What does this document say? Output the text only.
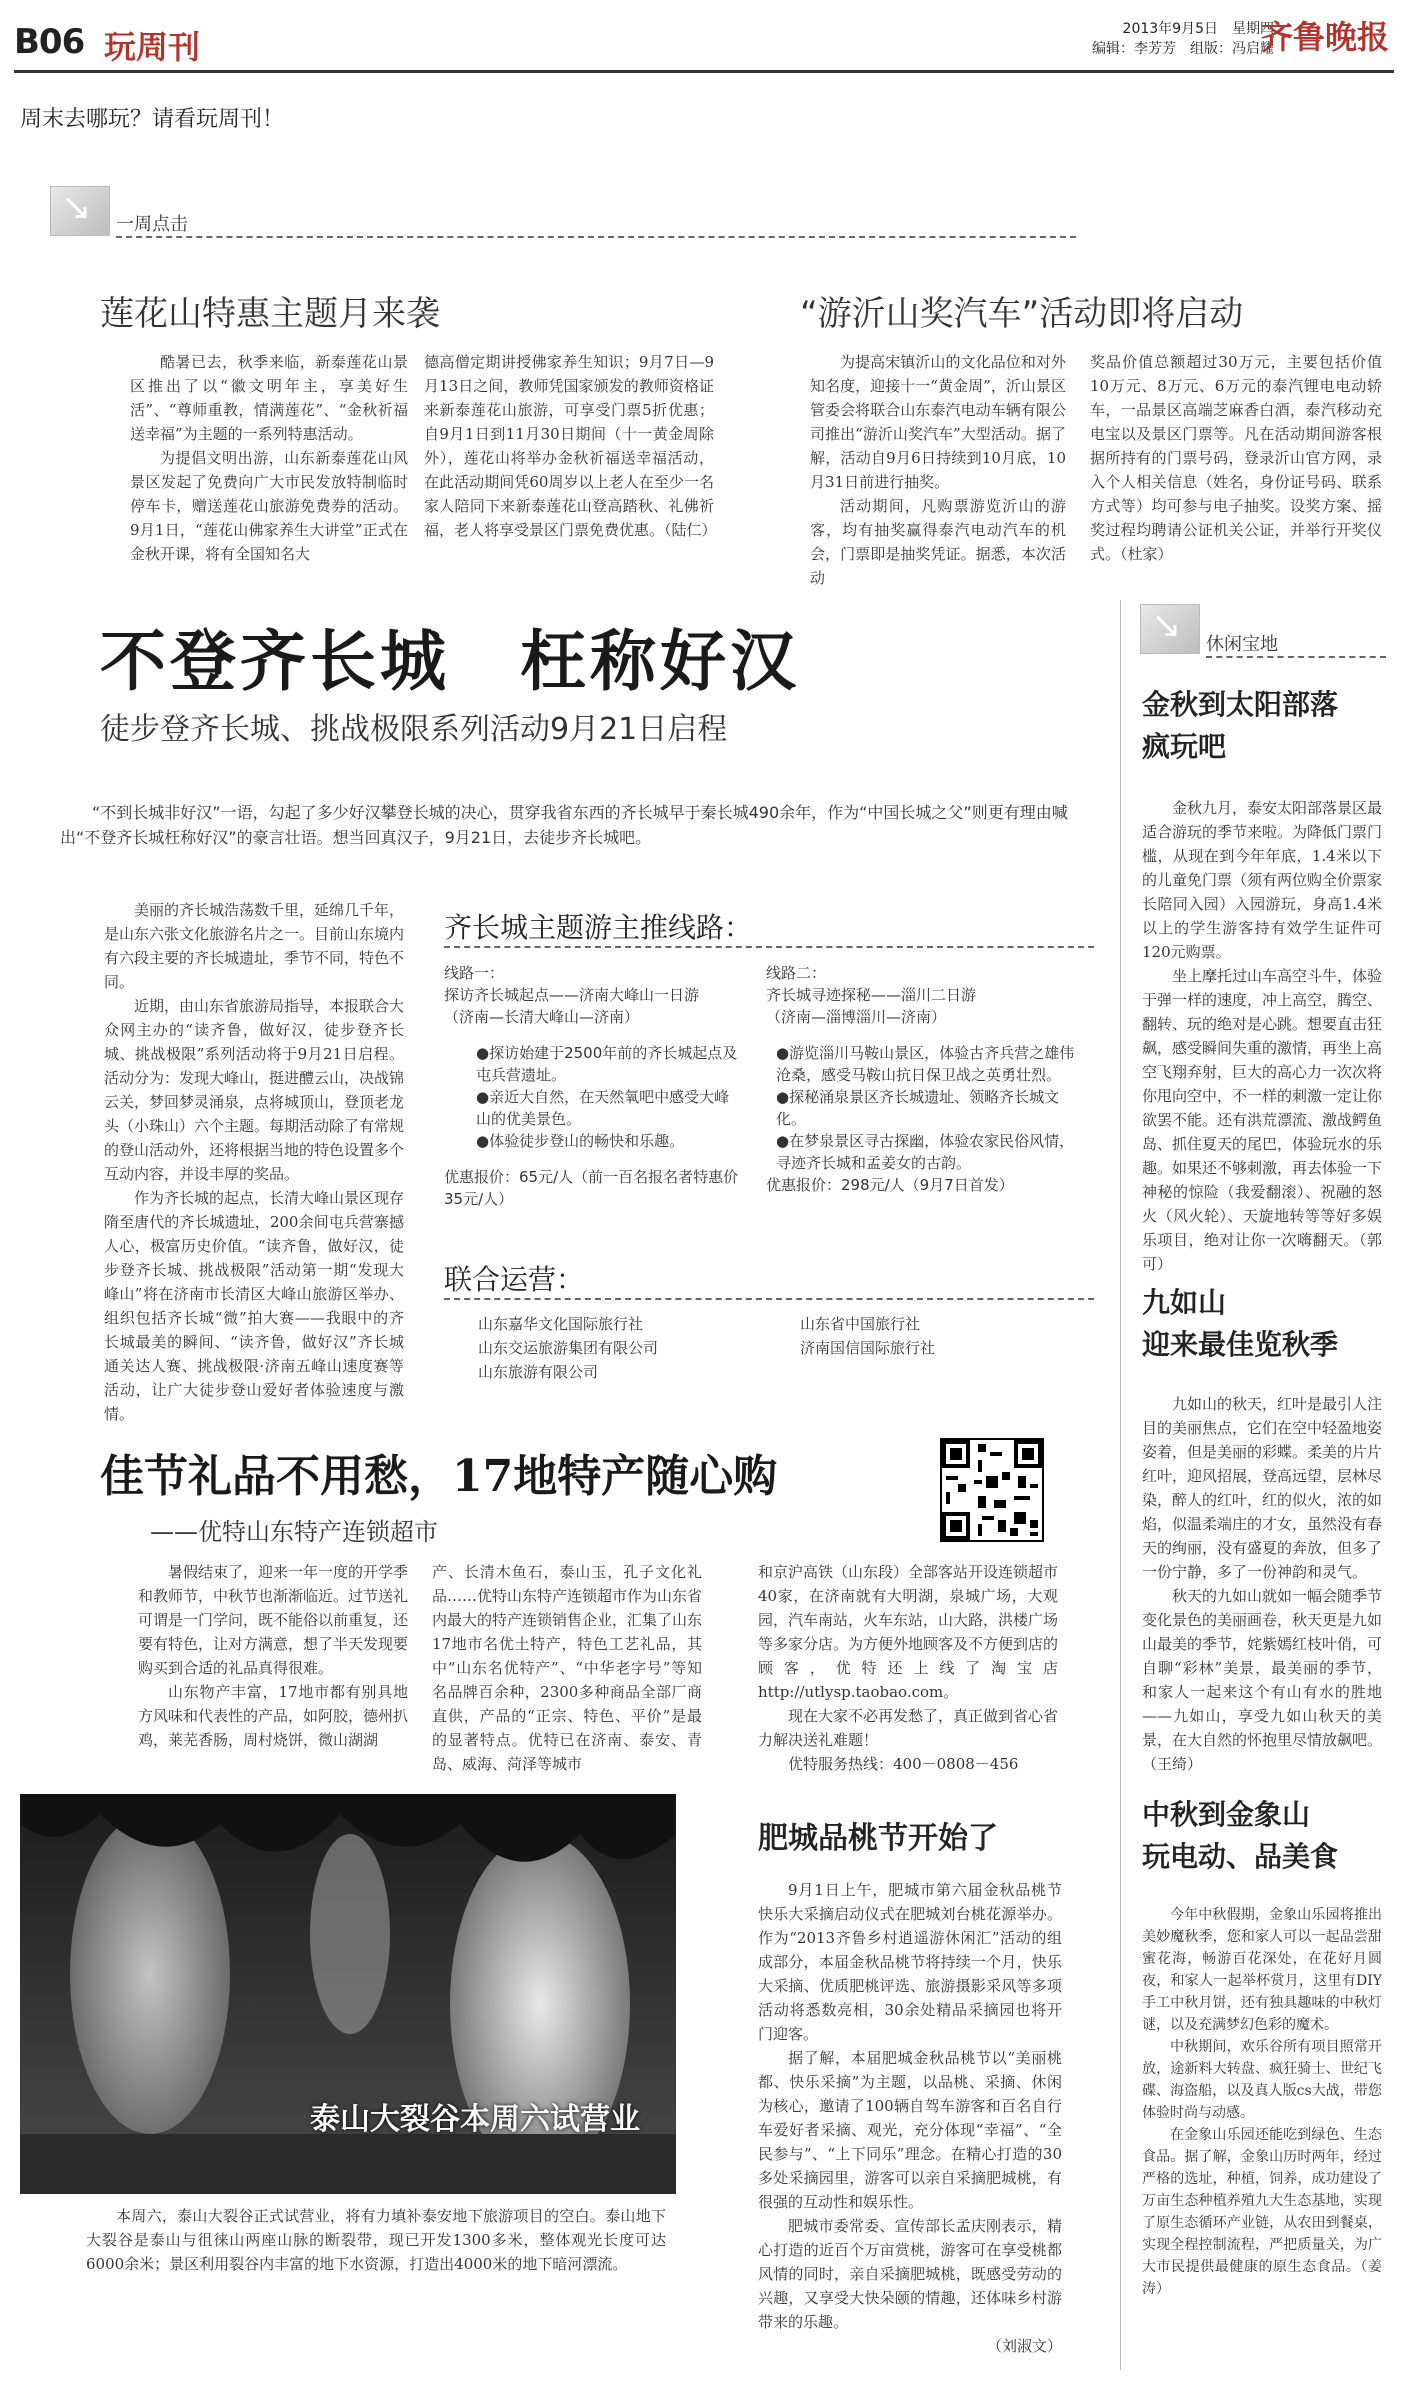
B06 玩周刊	2013年9月5日　星期四
编辑：李芳芳　组版：冯启耀
齐鲁晚报
周末去哪玩？请看玩周刊！
↘
一周点击
莲花山特惠主题月来袭

酷暑已去，秋季来临，新泰莲花山景区推出了以“徽文明年主，享美好生活”、“尊师重教，情满莲花”、“金秋祈福送幸福”为主题的一系列特惠活动。

为提倡文明出游，山东新泰莲花山风景区发起了免费向广大市民发放特制临时停车卡，赠送莲花山旅游免费券的活动。9月1日，“莲花山佛家养生大讲堂”正式在金秋开课，将有全国知名大

德高僧定期讲授佛家养生知识；9月7日—9月13日之间，教师凭国家颁发的教师资格证来新泰莲花山旅游，可享受门票5折优惠；自9月1日到11月30日期间（十一黄金周除外），莲花山将举办金秋祈福送幸福活动，在此活动期间凭60周岁以上老人在至少一名家人陪同下来新泰莲花山登高踏秋、礼佛祈福，老人将享受景区门票免费优惠。（陆仁）

“游沂山奖汽车”活动即将启动

为提高宋镇沂山的文化品位和对外知名度，迎接十一“黄金周”，沂山景区管委会将联合山东泰汽电动车辆有限公司推出“游沂山奖汽车”大型活动。据了解，活动自9月6日持续到10月底，10月31日前进行抽奖。

活动期间，凡购票游览沂山的游客，均有抽奖赢得泰汽电动汽车的机会，门票即是抽奖凭证。据悉，本次活动

奖品价值总额超过30万元，主要包括价值10万元、8万元、6万元的泰汽锂电电动轿车，一品景区高端芝麻香白酒，泰汽移动充电宝以及景区门票等。凡在活动期间游客根据所持有的门票号码，登录沂山官方网，录入个人相关信息（姓名，身份证号码、联系方式等）均可参与电子抽奖。设奖方案、摇奖过程均聘请公证机关公证，并举行开奖仪式。（杜家）

不登齐长城　枉称好汉
徒步登齐长城、挑战极限系列活动9月21日启程
“不到长城非好汉”一语，勾起了多少好汉攀登长城的决心，贯穿我省东西的齐长城早于秦长城490余年，作为“中国长城之父”则更有理由喊出“不登齐长城枉称好汉”的豪言壮语。想当回真汉子，9月21日，去徒步齐长城吧。

美丽的齐长城浩荡数千里，延绵几千年，是山东六张文化旅游名片之一。目前山东境内有六段主要的齐长城遗址，季节不同，特色不同。

近期，由山东省旅游局指导，本报联合大众网主办的“读齐鲁，做好汉，徒步登齐长城、挑战极限”系列活动将于9月21日启程。活动分为：发现大峰山，挺进醴云山，决战锦云关，梦回梦灵涌泉，点将城顶山，登顶老龙头（小珠山）六个主题。每期活动除了有常规的登山活动外，还将根据当地的特色设置多个互动内容，并设丰厚的奖品。

作为齐长城的起点，长清大峰山景区现存隋至唐代的齐长城遗址，200余间屯兵营寨撼人心，极富历史价值。“读齐鲁，做好汉，徒步登齐长城、挑战极限”活动第一期“发现大峰山”将在济南市长清区大峰山旅游区举办、组织包括齐长城“微”拍大赛——我眼中的齐长城最美的瞬间、“读齐鲁，做好汉”齐长城通关达人赛、挑战极限·济南五峰山速度赛等活动，让广大徒步登山爱好者体验速度与激情。

齐长城主题游主推线路：
线路一：
探访齐长城起点——济南大峰山一日游
（济南—长清大峰山—济南）
●探访始建于2500年前的齐长城起点及屯兵营遗址。
●亲近大自然，在天然氧吧中感受大峰山的优美景色。
●体验徒步登山的畅快和乐趣。
优惠报价：65元/人（前一百名报名者特惠价　35元/人）
线路二：
齐长城寻迹探秘——淄川二日游
（济南—淄博淄川—济南）
●游览淄川马鞍山景区，体验古齐兵营之雄伟沧桑，感受马鞍山抗日保卫战之英勇壮烈。
●探秘涌泉景区齐长城遗址、领略齐长城文化。
●在梦泉景区寻古探幽，体验农家民俗风情，寻迹齐长城和孟姜女的古韵。
优惠报价：298元/人（9月7日首发）
联合运营：
山东嘉华文化国际旅行社
山东交运旅游集团有限公司
山东旅游有限公司
山东省中国旅行社
济南国信国际旅行社
佳节礼品不用愁，17地特产随心购
——优特山东特产连锁超市

暑假结束了，迎来一年一度的开学季和教师节，中秋节也渐渐临近。过节送礼可谓是一门学问，既不能俗以前重复，还要有特色，让对方满意，想了半天发现要购买到合适的礼品真得很难。

山东物产丰富，17地市都有别具地方风味和代表性的产品，如阿胶，德州扒鸡，莱芜香肠，周村烧饼，微山湖湖

产、长清木鱼石，泰山玉，孔子文化礼品……优特山东特产连锁超市作为山东省内最大的特产连锁销售企业，汇集了山东17地市名优土特产，特色工艺礼品，其中“山东名优特产”、“中华老字号”等知名品牌百余种，2300多种商品全部厂商直供，产品的“正宗、特色、平价”是最的显著特点。优特已在济南、泰安、青岛、威海、菏泽等城市

和京沪高铁（山东段）全部客站开设连锁超市40家，在济南就有大明湖，泉城广场，大观园，汽车南站，火车东站，山大路，洪楼广场等多家分店。为方便外地顾客及不方便到店的顾客，优特还上线了淘宝店http://utlysp.taobao.com。

现在大家不必再发愁了，真正做到省心省力解决送礼难题！

优特服务热线：400－0808－456

泰山大裂谷本周六试营业

本周六，泰山大裂谷正式试营业，将有力填补泰安地下旅游项目的空白。泰山地下大裂谷是泰山与徂徕山两座山脉的断裂带，现已开发1300多米，整体观光长度可达6000余米；景区利用裂谷内丰富的地下水资源，打造出4000米的地下暗河漂流。

肥城品桃节开始了

9月1日上午，肥城市第六届金秋品桃节快乐大采摘启动仪式在肥城刘台桃花源举办。作为“2013齐鲁乡村逍遥游休闲汇”活动的组成部分，本届金秋品桃节将持续一个月，快乐大采摘、优质肥桃评选、旅游摄影采风等多项活动将悉数亮相，30余处精品采摘园也将开门迎客。

据了解，本届肥城金秋品桃节以“美丽桃都、快乐采摘”为主题，以品桃、采摘、休闲为核心，邀请了100辆自驾车游客和百名自行车爱好者采摘、观光，充分体现“幸福”、“全民参与”、“上下同乐”理念。在精心打造的30多处采摘园里，游客可以亲自采摘肥城桃，有很强的互动性和娱乐性。

肥城市委常委、宣传部长孟庆刚表示，精心打造的近百个万亩赏桃，游客可在享受桃都风情的同时，亲自采摘肥城桃，既感受劳动的兴趣，又享受大快朵颐的情趣，还体味乡村游带来的乐趣。

（刘淑文）
↘
休闲宝地
金秋到太阳部落
疯玩吧

金秋九月，泰安太阳部落景区最适合游玩的季节来啦。为降低门票门槛，从现在到今年年底，1.4米以下的儿童免门票（须有两位购全价票家长陪同入园）入园游玩，身高1.4米以上的学生游客持有效学生证件可120元购票。

坐上摩托过山车高空斗牛，体验于弹一样的速度，冲上高空，腾空、翻转、玩的绝对是心跳。想要直击狂飙，感受瞬间失重的激情，再坐上高空飞翔弃射，巨大的高心力一次次将你甩向空中，不一样的刺激一定让你欲罢不能。还有洪荒漂流、激战鳄鱼岛、抓住夏天的尾巴，体验玩水的乐趣。如果还不够刺激，再去体验一下神秘的惊险（我爱翻滚）、祝融的怒火（风火轮）、天旋地转等等好多娱乐项目，绝对让你一次嗨翻天。（郭可）

九如山
迎来最佳览秋季

九如山的秋天，红叶是最引人注目的美丽焦点，它们在空中轻盈地姿姿着，但是美丽的彩蝶。柔美的片片红叶，迎风招展，登高远望，层林尽染，醉人的红叶，红的似火，浓的如焰，似温柔端庄的才女，虽然没有春天的绚丽，没有盛夏的奔放，但多了一份宁静，多了一份神韵和灵气。

秋天的九如山就如一幅会随季节变化景色的美丽画卷，秋天更是九如山最美的季节，姹紫嫣红枝叶俏，可自聊“彩林”美景，最美丽的季节，和家人一起来这个有山有水的胜地——九如山，享受九如山秋天的美景，在大自然的怀抱里尽情放飙吧。（王绮）

中秋到金象山
玩电动、品美食

今年中秋假期，金象山乐园将推出美妙魔秋季，您和家人可以一起品尝甜蜜花海，畅游百花深处，在花好月圆夜，和家人一起举杯赏月，这里有DIY手工中秋月饼，还有独具趣味的中秋灯谜，以及充满梦幻色彩的魔术。

中秋期间，欢乐谷所有项目照常开放，途新料大转盘、疯狂骑士、世纪飞碟、海盗船，以及真人版cs大战，带您体验时尚与动感。

在金象山乐园还能吃到绿色、生态食品。据了解，金象山历时两年，经过严格的选址，种植，饲养，成功建设了万亩生态种植养殖九大生态基地，实现了原生态循环产业链，从农田到餐桌，实现全程控制流程，严把质量关，为广大市民提供最健康的原生态食品。（姜涛）
